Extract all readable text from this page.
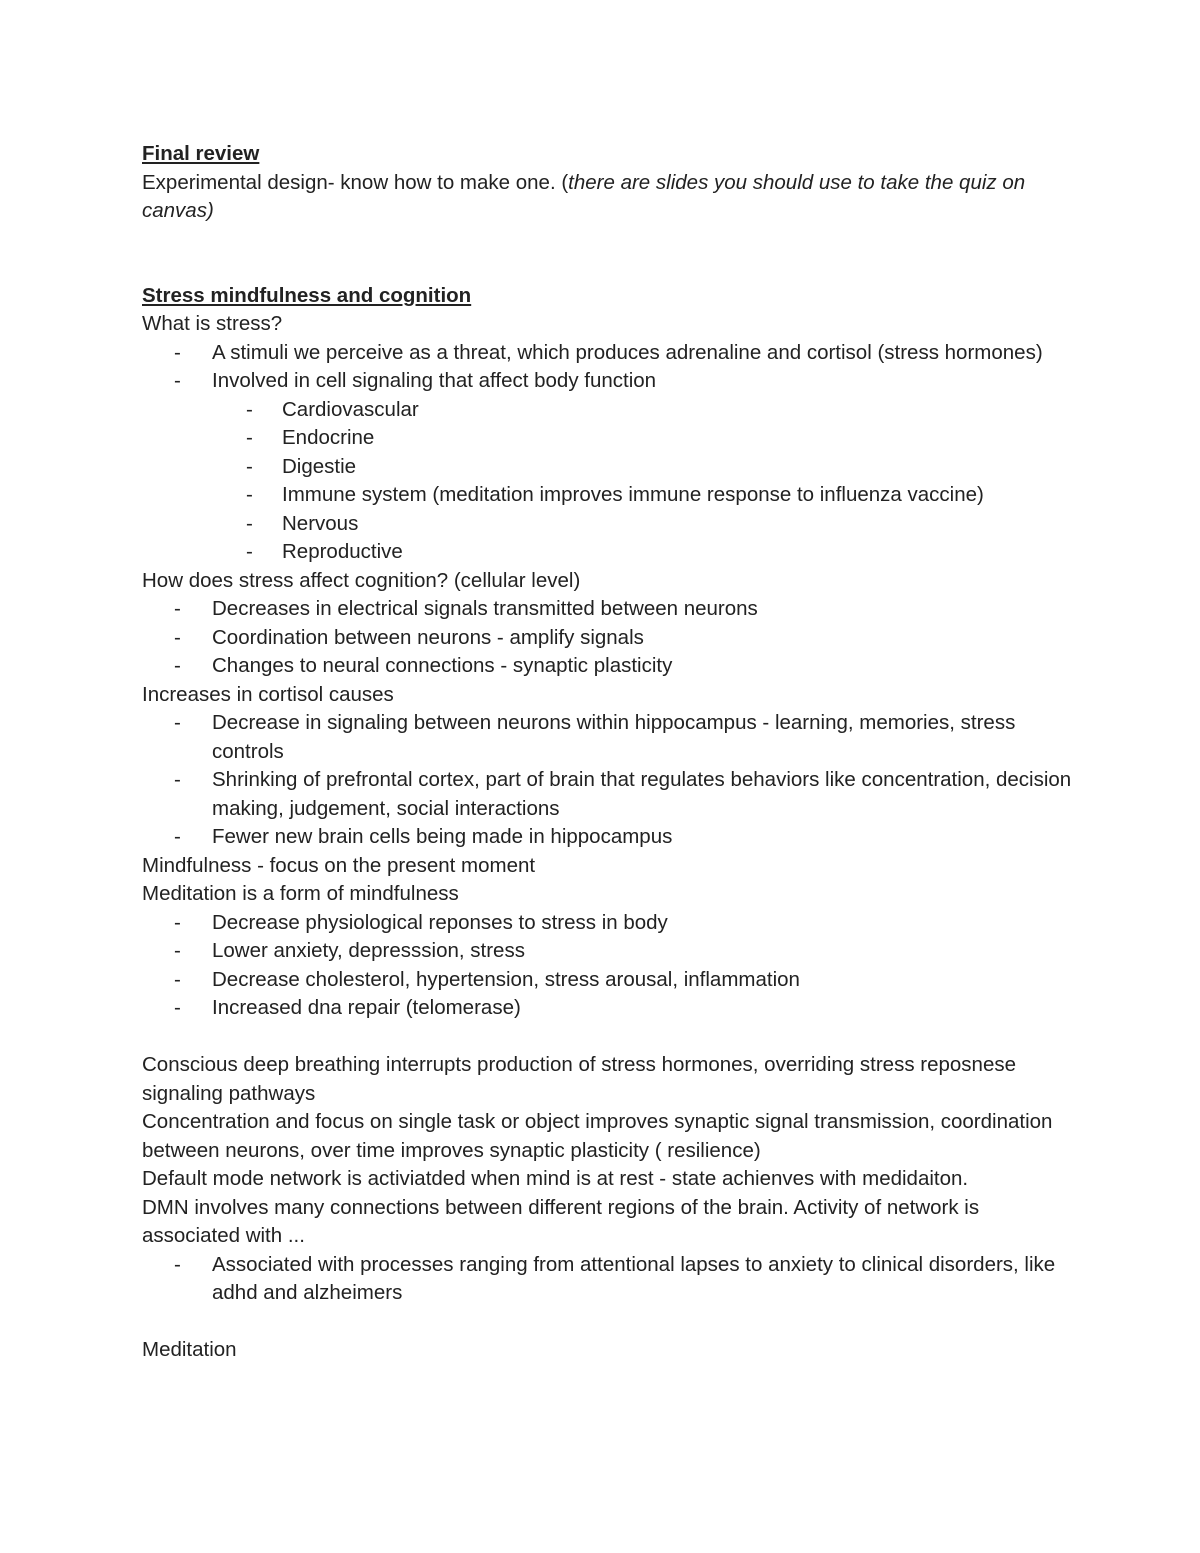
Final review

Experimental design- know how to make one. (there are slides you should use to take the quiz on canvas)

Stress mindfulness and cognition

What is stress?

- A stimuli we perceive as a threat, which produces adrenaline and cortisol (stress hormones)
- Involved in cell signaling that affect body function
- Cardiovascular
- Endocrine
- Digestie
- Immune system (meditation improves immune response to influenza vaccine)
- Nervous
- Reproductive

How does stress affect cognition? (cellular level)

- Decreases in electrical signals transmitted between neurons
- Coordination between neurons - amplify signals
- Changes to neural connections - synaptic plasticity

Increases in cortisol causes

- Decrease in signaling between neurons within hippocampus - learning, memories, stress controls
- Shrinking of prefrontal cortex, part of brain that regulates behaviors like concentration, decision making, judgement, social interactions
- Fewer new brain cells being made in hippocampus

Mindfulness - focus on the present moment

Meditation is a form of mindfulness

- Decrease physiological reponses to stress in body
- Lower anxiety, depresssion, stress
- Decrease cholesterol, hypertension, stress arousal, inflammation
- Increased dna repair (telomerase)

Conscious deep breathing interrupts production of stress hormones, overriding stress reposnese signaling pathways

Concentration and focus on single task or object improves synaptic signal transmission, coordination between neurons, over time improves synaptic plasticity ( resilience)

Default mode network is activiatded when mind is at rest - state achienves with medidaiton.

DMN involves many connections between different regions of the brain. Activity of network is associated with ...

- Associated with processes ranging from attentional lapses to anxiety to clinical disorders, like adhd and alzheimers

Meditation
